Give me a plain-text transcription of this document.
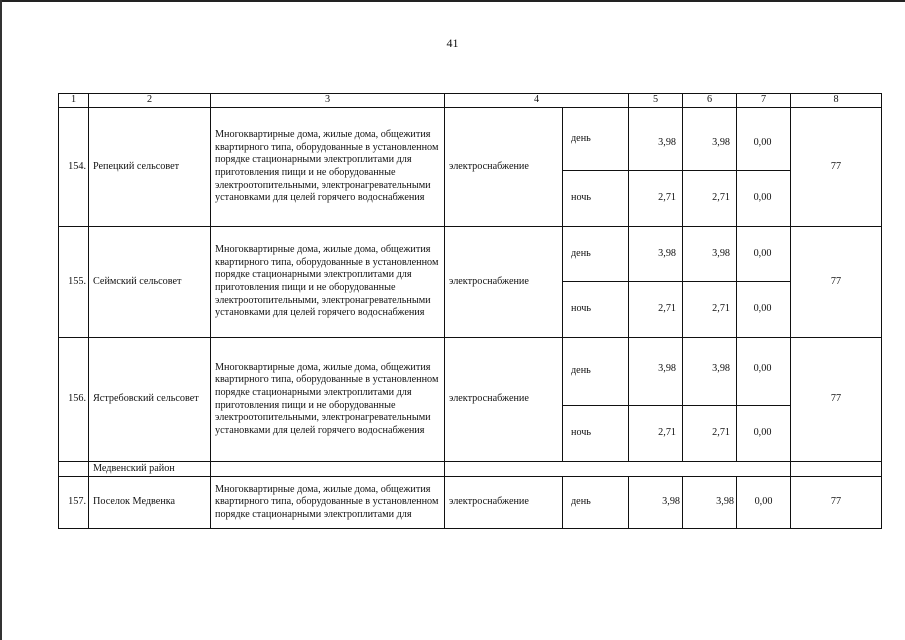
41
1	2	3	4		5	6	7	8
154.	Репецкий сельсовет	Многоквартирные дома, жилые дома, общежития квартирного типа, оборудованные в установленном порядке стационарными электроплитами для приготовления пищи и не оборудованные электроотопительными, электронагревательными установками для целей горячего водоснабжения	электроснабжение	день	3,98	3,98	0,00	77
				ночь	2,71	2,71	0,00	
155.	Сеймский сельсовет	Многоквартирные дома, жилые дома, общежития квартирного типа, оборудованные в установленном порядке стационарными электроплитами для приготовления пищи и не оборудованные электроотопительными, электронагревательными установками для целей горячего водоснабжения	электроснабжение	день	3,98	3,98	0,00	77
				ночь	2,71	2,71	0,00	
156.	Ястребовский сельсовет	Многоквартирные дома, жилые дома, общежития квартирного типа, оборудованные в установленном порядке стационарными электроплитами для приготовления пищи и не оборудованные электроотопительными, электронагревательными установками для целей горячего водоснабжения	электроснабжение	день	3,98	3,98	0,00	77
				ночь	2,71	2,71	0,00	
	Медвенский район							
157.	Поселок Медвенка	Многоквартирные дома, жилые дома, общежития квартирного типа, оборудованные в установленном порядке стационарными электроплитами для	электроснабжение	день	3,98	3,98	0,00	77
